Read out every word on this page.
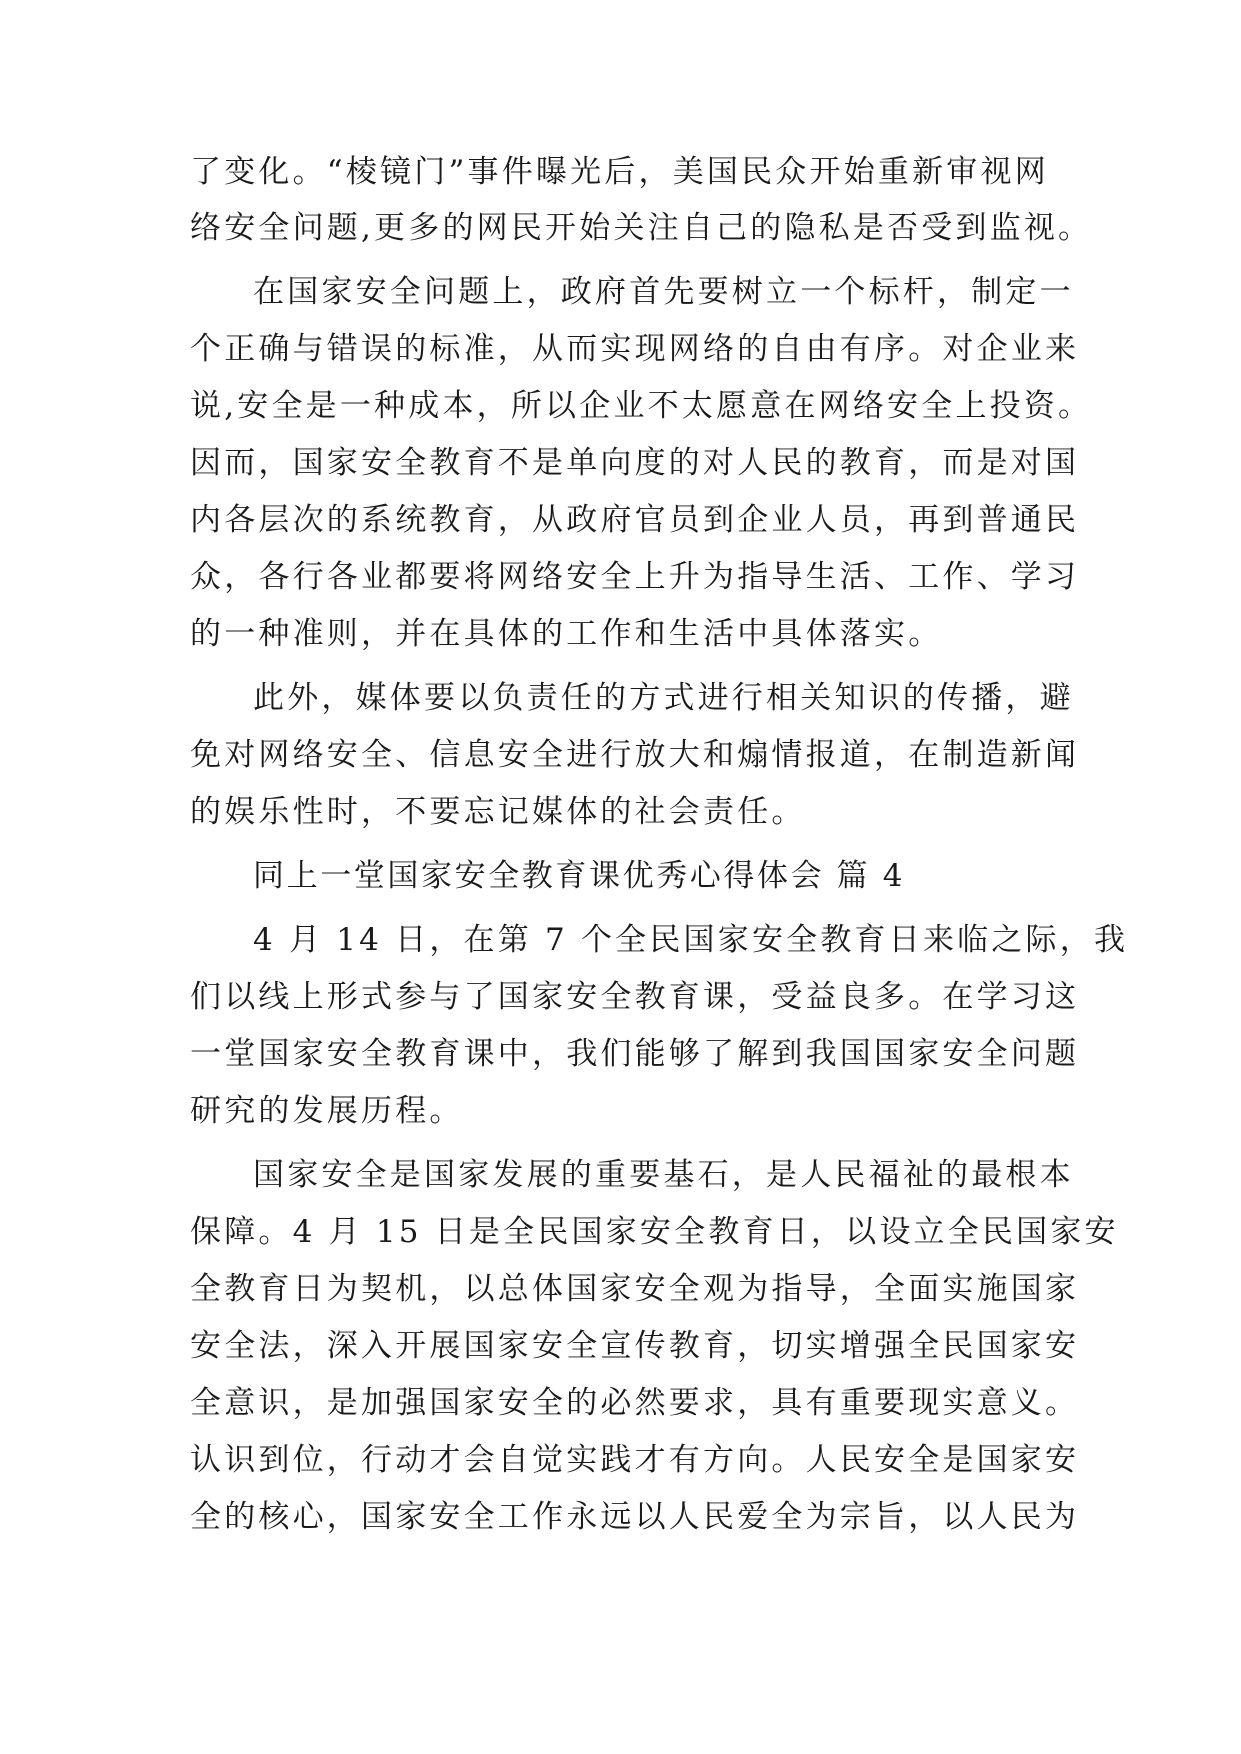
了变化。“棱镜门”事件曝光后，美国民众开始重新审视网
络安全问题,更多的网民开始关注自己的隐私是否受到监视。
在国家安全问题上，政府首先要树立一个标杆，制定一
个正确与错误的标准，从而实现网络的自由有序。对企业来
说,安全是一种成本，所以企业不太愿意在网络安全上投资。
因而，国家安全教育不是单向度的对人民的教育，而是对国
内各层次的系统教育，从政府官员到企业人员，再到普通民
众，各行各业都要将网络安全上升为指导生活、工作、学习
的一种准则，并在具体的工作和生活中具体落实。
此外，媒体要以负责任的方式进行相关知识的传播，避
免对网络安全、信息安全进行放大和煽情报道，在制造新闻
的娱乐性时，不要忘记媒体的社会责任。
同上一堂国家安全教育课优秀心得体会 篇 4
4 月 14 日，在第 7 个全民国家安全教育日来临之际，我
们以线上形式参与了国家安全教育课，受益良多。在学习这
一堂国家安全教育课中，我们能够了解到我国国家安全问题
研究的发展历程。
国家安全是国家发展的重要基石，是人民福祉的最根本
保障。4 月 15 日是全民国家安全教育日，以设立全民国家安
全教育日为契机，以总体国家安全观为指导，全面实施国家
安全法，深入开展国家安全宣传教育，切实增强全民国家安
全意识，是加强国家安全的必然要求，具有重要现实意义。
认识到位，行动才会自觉实践才有方向。人民安全是国家安
全的核心，国家安全工作永远以人民爱全为宗旨，以人民为
